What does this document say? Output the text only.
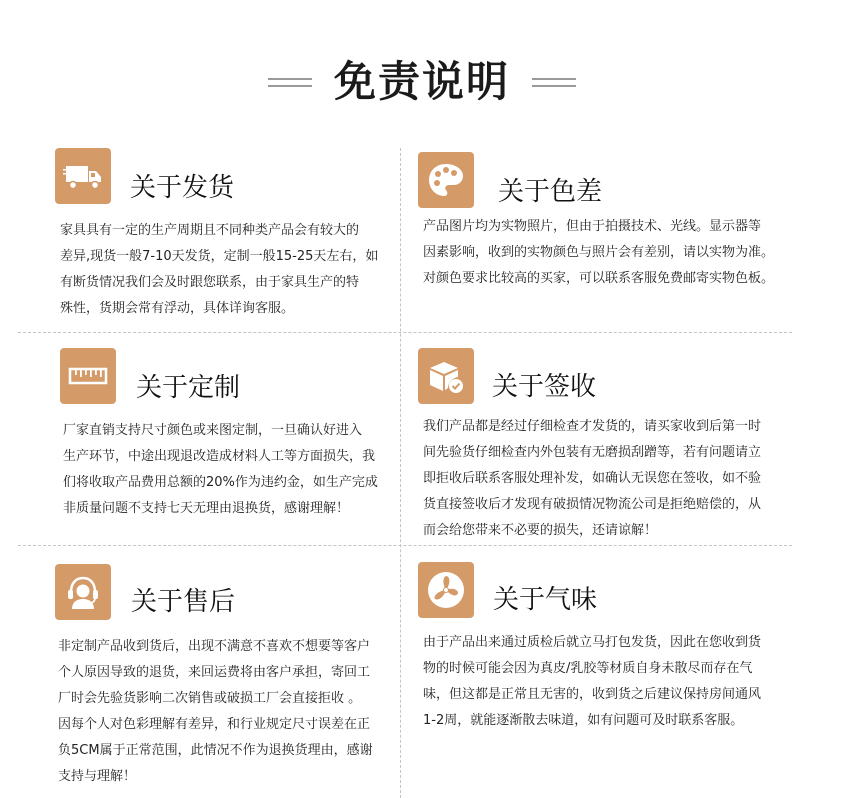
免责说明
关于发货

家具具有一定的生产周期且不同种类产品会有较大的
差异,现货一般7-10天发货，定制一般15-25天左右，如
有断货情况我们会及时跟您联系，由于家具生产的特
殊性，货期会常有浮动，具体详询客服。

关于色差

产品图片均为实物照片，但由于拍摄技术、光线。显示器等
因素影响，收到的实物颜色与照片会有差别，请以实物为准。
对颜色要求比较高的买家，可以联系客服免费邮寄实物色板。

关于定制

厂家直销支持尺寸颜色或来图定制，一旦确认好进入
生产环节，中途出现退改造成材料人工等方面损失，我
们将收取产品费用总额的20%作为违约金，如生产完成
非质量问题不支持七天无理由退换货，感谢理解！

关于签收

我们产品都是经过仔细检查才发货的，请买家收到后第一时
间先验货仔细检查内外包装有无磨损刮蹭等，若有问题请立
即拒收后联系客服处理补发，如确认无误您在签收，如不验
货直接签收后才发现有破损情况物流公司是拒绝赔偿的，从
而会给您带来不必要的损失，还请谅解！

关于售后

非定制产品收到货后，出现不满意不喜欢不想要等客户
个人原因导致的退货，来回运费将由客户承担，寄回工
厂时会先验货影响二次销售或破损工厂会直接拒收 。
因每个人对色彩理解有差异，和行业规定尺寸误差在正
负5CM属于正常范围，此情况不作为退换货理由，感谢
支持与理解！

关于气味

由于产品出来通过质检后就立马打包发货，因此在您收到货
物的时候可能会因为真皮/乳胶等材质自身未散尽而存在气
味，但这都是正常且无害的，收到货之后建议保持房间通风
1-2周，就能逐渐散去味道，如有问题可及时联系客服。
